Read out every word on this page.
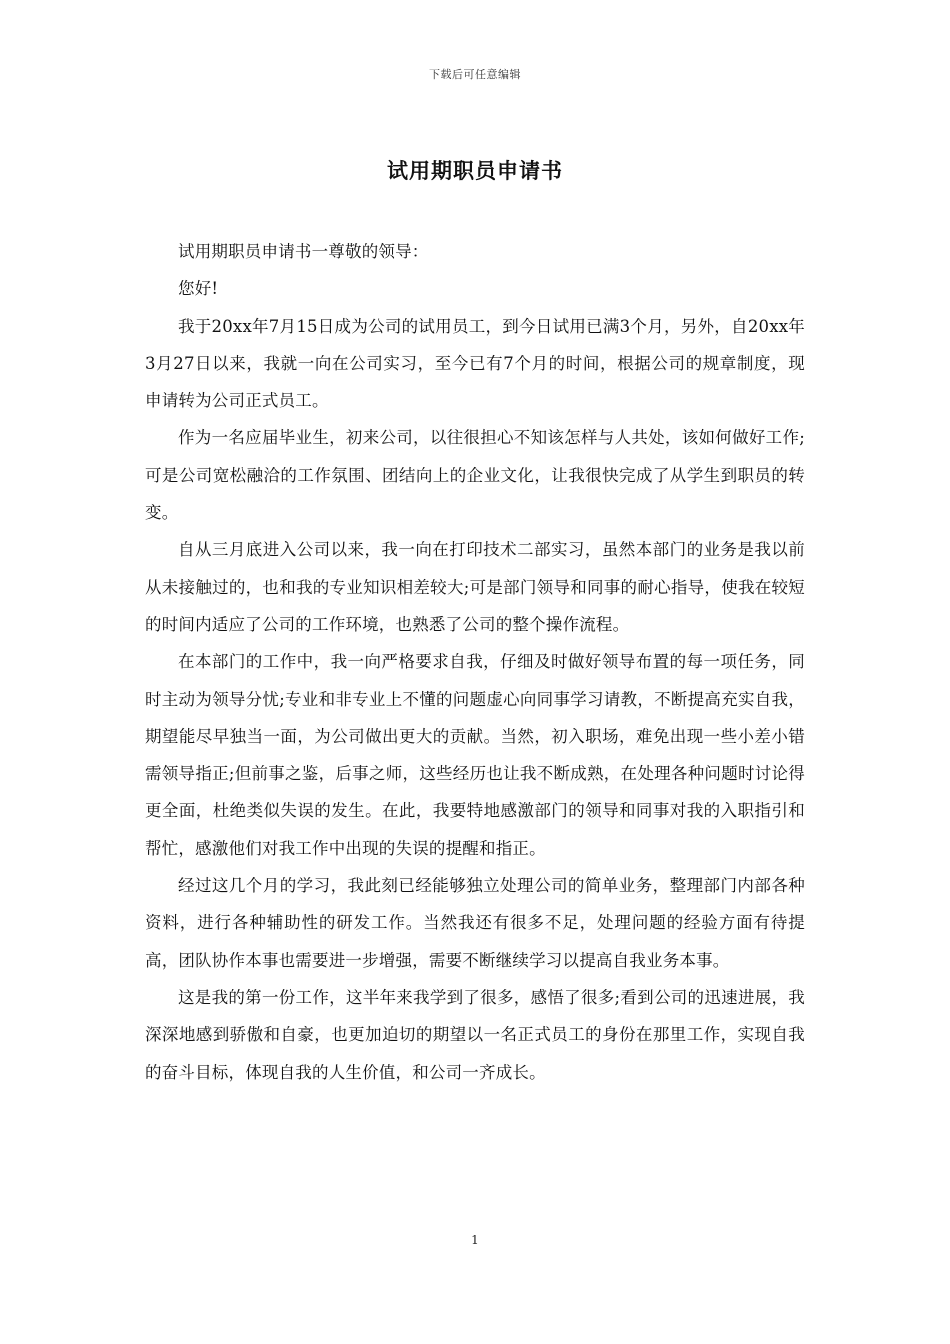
下载后可任意编辑
试用期职员申请书

试用期职员申请书一尊敬的领导：

您好!

我于20xx年7月15日成为公司的试用员工，到今日试用已满3个月，另外，自20xx年3月27日以来，我就一向在公司实习，至今已有7个月的时间，根据公司的规章制度，现申请转为公司正式员工。

作为一名应届毕业生，初来公司，以往很担心不知该怎样与人共处，该如何做好工作;可是公司宽松融洽的工作氛围、团结向上的企业文化，让我很快完成了从学生到职员的转变。

自从三月底进入公司以来，我一向在打印技术二部实习，虽然本部门的业务是我以前从未接触过的，也和我的专业知识相差较大;可是部门领导和同事的耐心指导，使我在较短的时间内适应了公司的工作环境，也熟悉了公司的整个操作流程。

在本部门的工作中，我一向严格要求自我，仔细及时做好领导布置的每一项任务，同时主动为领导分忧;专业和非专业上不懂的问题虚心向同事学习请教，不断提高充实自我，期望能尽早独当一面，为公司做出更大的贡献。当然，初入职场，难免出现一些小差小错需领导指正;但前事之鉴，后事之师，这些经历也让我不断成熟，在处理各种问题时讨论得更全面，杜绝类似失误的发生。在此，我要特地感激部门的领导和同事对我的入职指引和帮忙，感激他们对我工作中出现的失误的提醒和指正。

经过这几个月的学习，我此刻已经能够独立处理公司的简单业务，整理部门内部各种资料，进行各种辅助性的研发工作。当然我还有很多不足，处理问题的经验方面有待提高，团队协作本事也需要进一步增强，需要不断继续学习以提高自我业务本事。

这是我的第一份工作，这半年来我学到了很多，感悟了很多;看到公司的迅速进展，我深深地感到骄傲和自豪，也更加迫切的期望以一名正式员工的身份在那里工作，实现自我的奋斗目标，体现自我的人生价值，和公司一齐成长。

1
